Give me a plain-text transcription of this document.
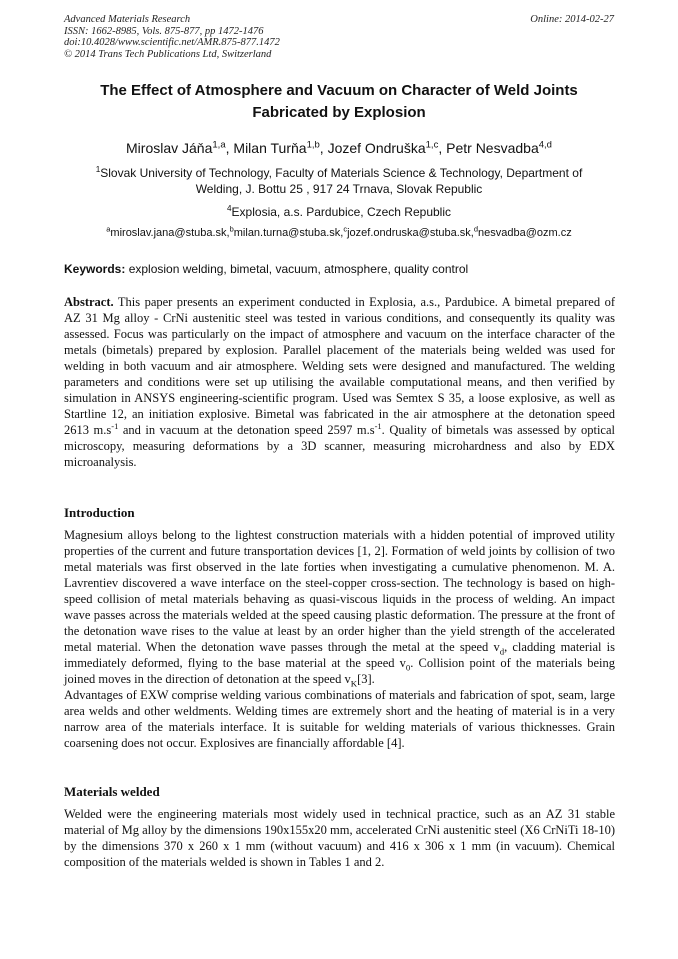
Advanced Materials Research
ISSN: 1662-8985, Vols. 875-877, pp 1472-1476
doi:10.4028/www.scientific.net/AMR.875-877.1472
© 2014 Trans Tech Publications Ltd, Switzerland
Online: 2014-02-27
The Effect of Atmosphere and Vacuum on Character of Weld Joints
Fabricated by Explosion
Miroslav Jáňa$^{1,a}$, Milan Turňa$^{1,b}$, Jozef Ondruška$^{1,c}$, Petr Nesvadba$^{4,d}$
$^1$Slovak University of Technology, Faculty of Materials Science & Technology, Department of
Welding, J. Bottu 25 , 917 24 Trnava, Slovak Republic
$^4$Explosia, a.s. Pardubice, Czech Republic
$^a$miroslav.jana@stuba.sk,$^b$milan.turna@stuba.sk,$^c$jozef.ondruska@stuba.sk,$^d$nesvadba@ozm.cz
Keywords: explosion welding, bimetal, vacuum, atmosphere, quality control

Abstract. This paper presents an experiment conducted in Explosia, a.s., Pardubice. A bimetal prepared of AZ 31 Mg alloy - CrNi austenitic steel was tested in various conditions, and consequently its quality was assessed. Focus was particularly on the impact of atmosphere and vacuum on the interface character of the metals (bimetals) prepared by explosion. Parallel placement of the materials being welded was used for welding in both vacuum and air atmosphere. Welding sets were designed and manufactured. The welding parameters and conditions were set up utilising the available computational means, and then verified by simulation in ANSYS engineering-scientific program. Used was Semtex S 35, a loose explosive, as well as Startline 12, an initiation explosive. Bimetal was fabricated in the air atmosphere at the detonation speed 2613 $m.s^{-1}$ and in vacuum at the detonation speed 2597 $m.s^{-1}$. Quality of bimetals was assessed by optical microscopy, measuring deformations by a 3D scanner, measuring microhardness and also by EDX microanalysis.

Introduction

Magnesium alloys belong to the lightest construction materials with a hidden potential of improved utility properties of the current and future transportation devices [1, 2]. Formation of weld joints by collision of two metal materials was first observed in the late forties when investigating a cumulative phenomenon. M. A. Lavrentiev discovered a wave interface on the steel-copper cross-section. The technology is based on high-speed collision of metal materials behaving as quasi-viscous liquids in the process of welding. An impact wave passes across the materials welded at the speed causing plastic deformation. The pressure at the front of the detonation wave rises to the value at least by an order higher than the yield strength of the accelerated metal material. When the detonation wave passes through the metal at the speed $v_d$, cladding material is immediately deformed, flying to the base material at the speed $v_0$. Collision point of the materials being joined moves in the direction of detonation at the speed $v_K[3]$.

Advantages of EXW comprise welding various combinations of materials and fabrication of spot, seam, large area welds and other weldments. Welding times are extremely short and the heating of material is in a very narrow area of the materials interface. It is suitable for welding materials of various thicknesses. Grain coarsening does not occur. Explosives are financially affordable [4].

Materials welded

Welded were the engineering materials most widely used in technical practice, such as an AZ 31 stable material of Mg alloy by the dimensions 190x155x20 mm, accelerated CrNi austenitic steel (X6 CrNiTi 18-10) by the dimensions 370 x 260 x 1 mm (without vacuum) and 416 x 306 x 1 mm (in vacuum). Chemical composition of the materials welded is shown in Tables 1 and 2.
